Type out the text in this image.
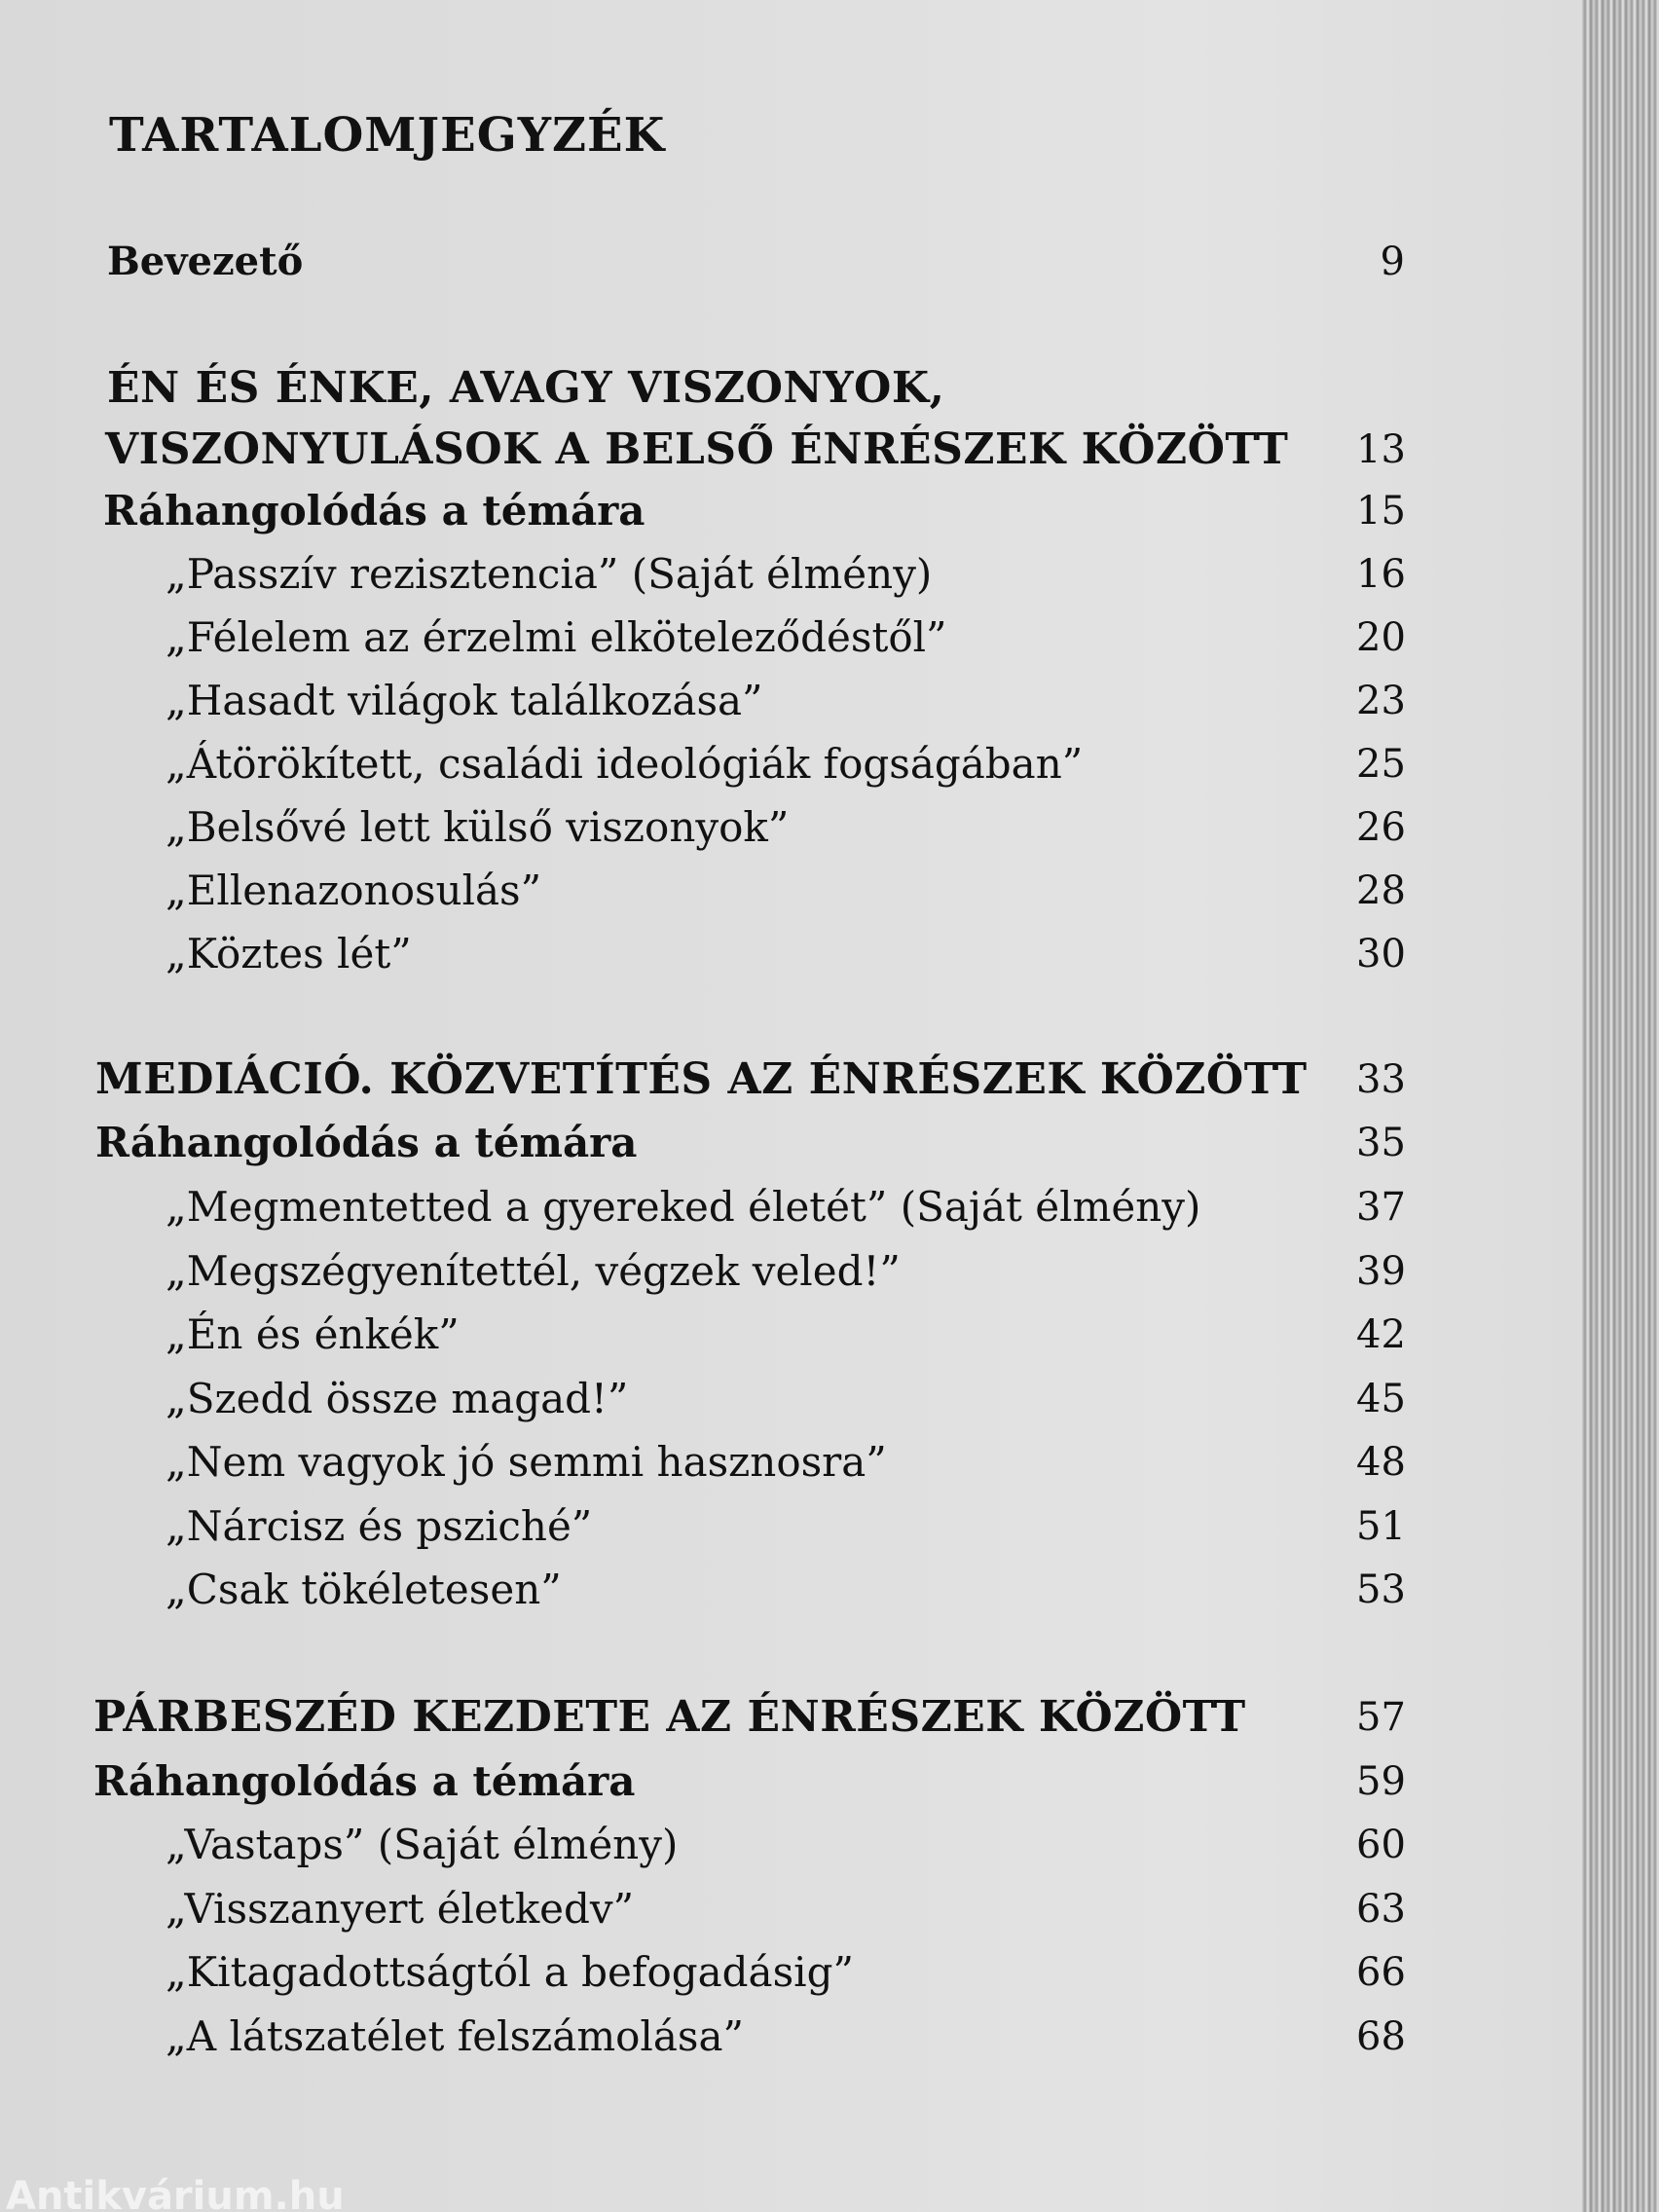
TARTALOMJEGYZÉK
Bevezető	9
ÉN ÉS ÉNKE, AVAGY VISZONYOK,
VISZONYULÁSOK A BELSŐ ÉNRÉSZEK KÖZÖTT 13
Ráhangolódás a témára	15
„Passzív rezisztencia” (Saját élmény)	16
„Félelem az érzelmi elköteleződéstől”	20
„Hasadt világok találkozása”	23
„Átörökített, családi ideológiák fogságában”	25
„Belsővé lett külső viszonyok”	26
„Ellenazonosulás”	28
„Köztes lét”	30
MEDIÁCIÓ. KÖZVETÍTÉS AZ ÉNRÉSZEK KÖZÖTT 33
Ráhangolódás a témára	35
„Megmentetted a gyereked életét” (Saját élmény)	37
„Megszégyenítettél, végzek veled!”	39
„Én és énkék”	42
„Szedd össze magad!”	45
„Nem vagyok jó semmi hasznosra”	48
„Nárcisz és psziché”	51
„Csak tökéletesen”	53
PÁRBESZÉD KEZDETE AZ ÉNRÉSZEK KÖZÖTT	57
Ráhangolódás a témára	59
„Vastaps” (Saját élmény)	60
„Visszanyert életkedv”	63
„Kitagadottságtól a befogadásig”	66
„A látszatélet felszámolása”	68
Antikvárium.hu
